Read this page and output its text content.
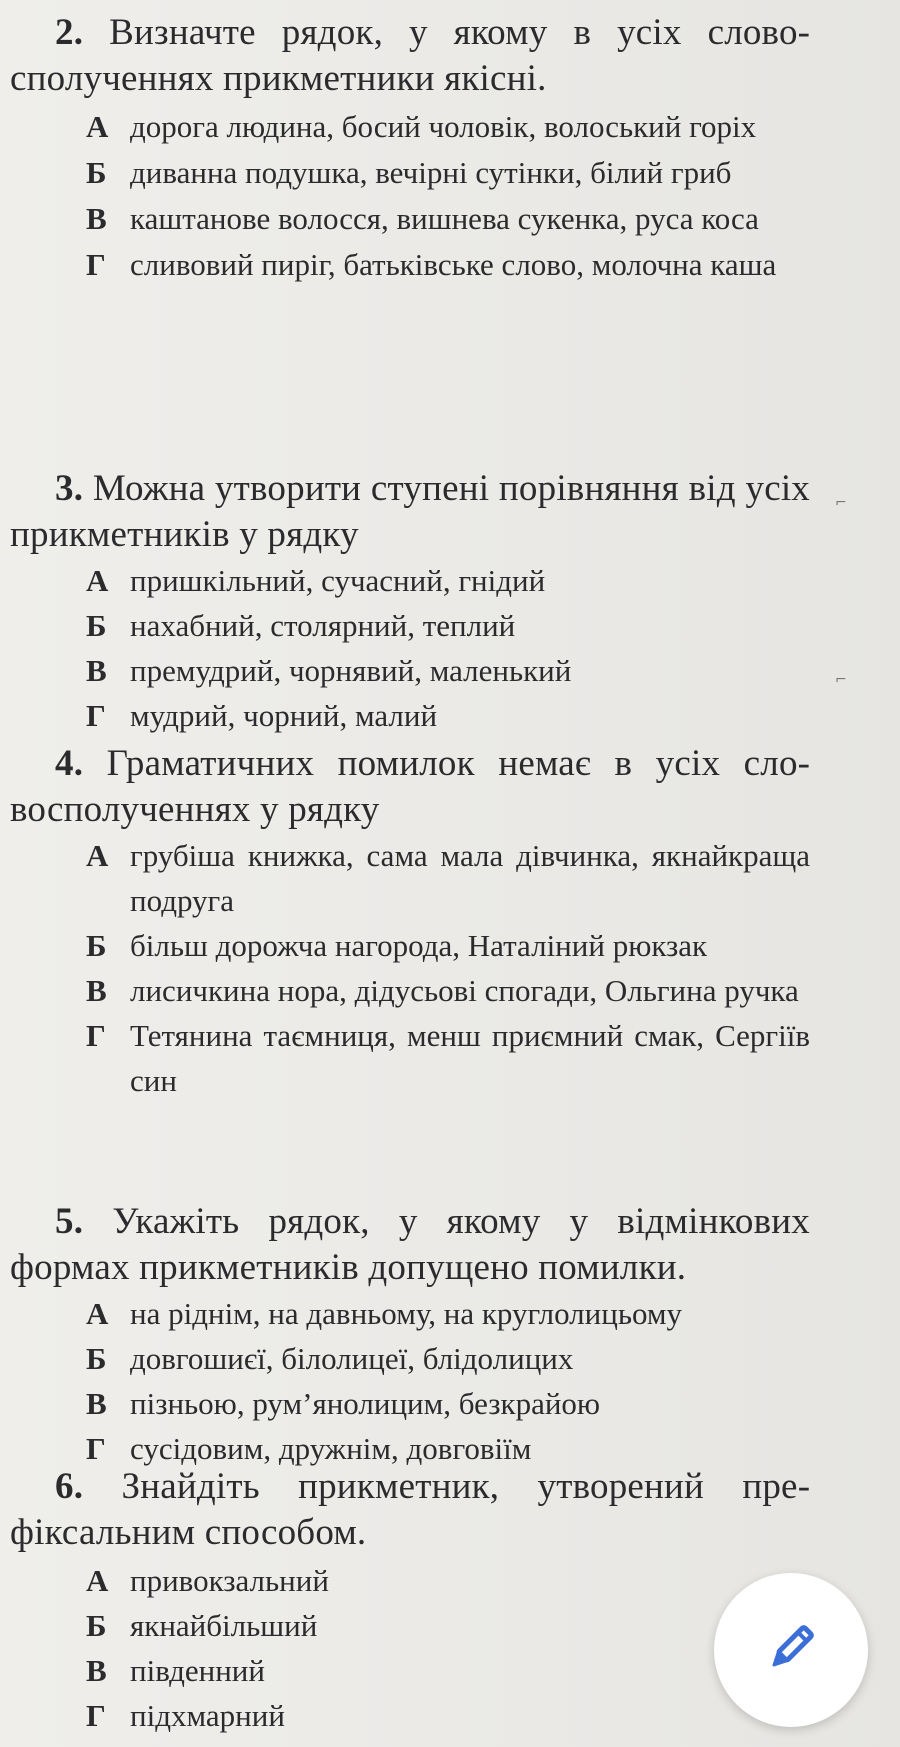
2. Визначте рядок, у якому в усіх словосполученнях прикметники якісні.
А дорога людина, босий чоловік, волоський горіх
Б диванна подушка, вечірні сутінки, білий гриб
В каштанове волосся, вишнева сукенка, руса коса
Г сливовий пиріг, батьківське слово, молочна каша
3. Можна утворити ступені порівняння від усіх прикметників у рядку
А пришкільний, сучасний, гнідий
Б нахабний, столярний, теплий
В премудрий, чорнявий, маленький
Г мудрий, чорний, малий
4. Граматичних помилок немає в усіх словосполученнях у рядку
А грубіша книжка, сама мала дівчинка, якнайкраща подруга
Б більш дорожча нагорода, Наталіний рюкзак
В лисичкина нора, дідусьові спогади, Ольгина ручка
Г Тетянина таємниця, менш приємний смак, Сергіїв син
5. Укажіть рядок, у якому у відмінкових формах прикметників допущено помилки.
А на ріднім, на давньому, на круглолицьому
Б довгошиєї, білолицеї, блідолицих
В пізньою, рум’янолицим, безкрайою
Г сусідовим, дружнім, довговіїм
6. Знайдіть прикметник, утворений префіксальним способом.
А привокзальний
Б якнайбільший
В південний
Г підхмарний
⌐
⌐
